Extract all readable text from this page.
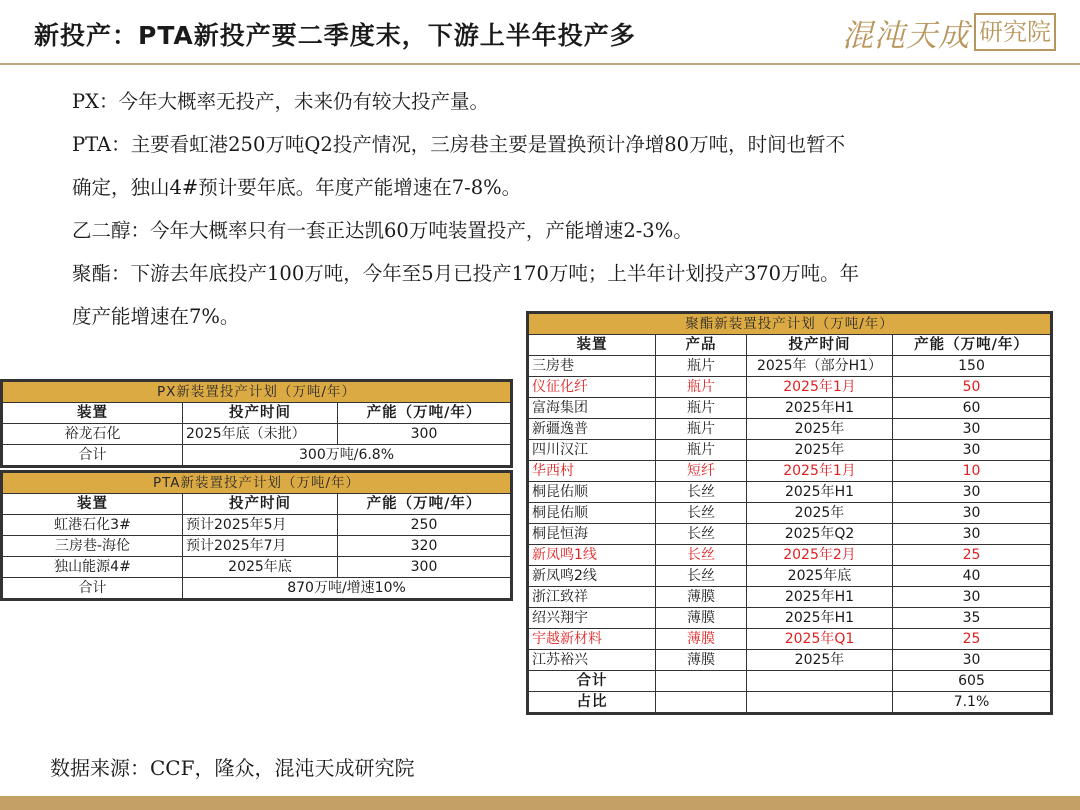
新投产：PTA新投产要二季度末，下游上半年投产多	混沌天成 研究院
PX：今年大概率无投产，未来仍有较大投产量。
PTA：主要看虹港250万吨Q2投产情况，三房巷主要是置换预计净增80万吨，时间也暂不
确定，独山4#预计要年底。年度产能增速在7-8%。
乙二醇：今年大概率只有一套正达凯60万吨装置投产，产能增速2-3%。
聚酯：下游去年底投产100万吨，今年至5月已投产170万吨；上半年计划投产370万吨。年
度产能增速在7%。
PX新装置投产计划（万吨/年）		
装置	投产时间	产能（万吨/年）
裕龙石化	2025年底（未批）	300
合计	300万吨/6.8%	
PTA新装置投产计划（万吨/年）		
装置	投产时间	产能（万吨/年）
虹港石化3#	预计2025年5月	250
三房巷-海伦	预计2025年7月	320
独山能源4#	2025年底	300
合计	870万吨/增速10%	
聚酯新装置投产计划（万吨/年）			
装置	产品	投产时间	产能（万吨/年）
三房巷	瓶片	2025年（部分H1）	150
仪征化纤	瓶片	2025年1月	50
富海集团	瓶片	2025年H1	60
新疆逸普	瓶片	2025年	30
四川汉江	瓶片	2025年	30
华西村	短纤	2025年1月	10
桐昆佑顺	长丝	2025年H1	30
桐昆佑顺	长丝	2025年	30
桐昆恒海	长丝	2025年Q2	30
新凤鸣1线	长丝	2025年2月	25
新凤鸣2线	长丝	2025年底	40
浙江致祥	薄膜	2025年H1	30
绍兴翔宇	薄膜	2025年H1	35
宇越新材料	薄膜	2025年Q1	25
江苏裕兴	薄膜	2025年	30
合计			605
占比			7.1%
数据来源：CCF，隆众，混沌天成研究院
